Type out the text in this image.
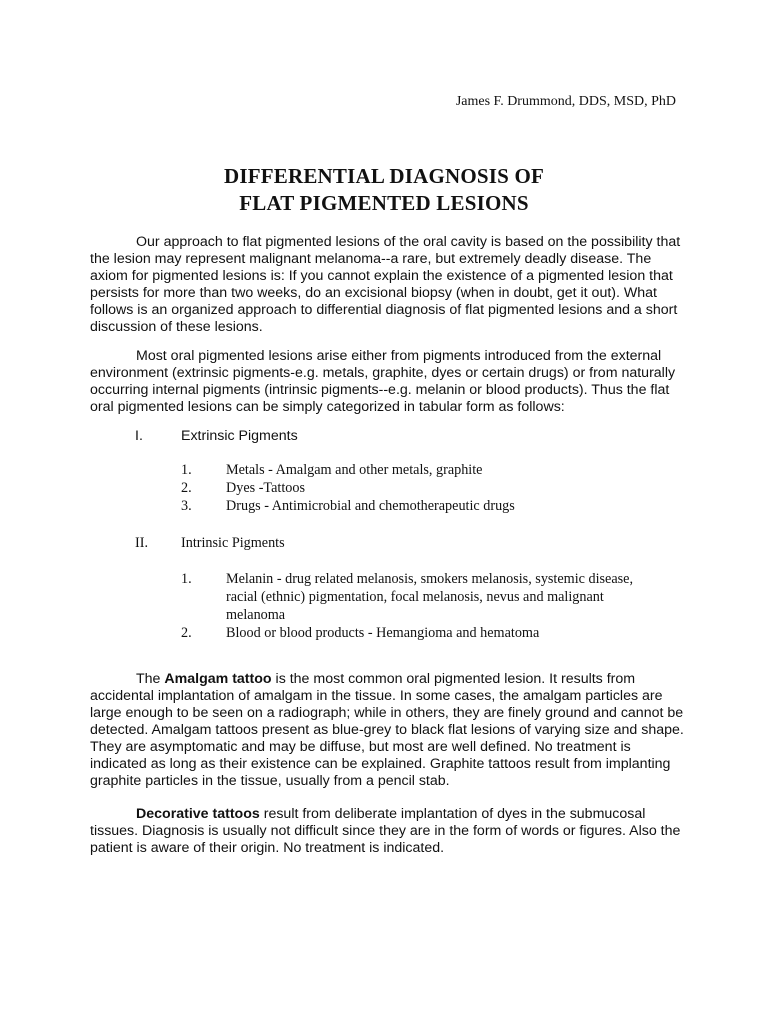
James F. Drummond, DDS, MSD, PhD
DIFFERENTIAL DIAGNOSIS OF
FLAT PIGMENTED LESIONS
Our approach to flat pigmented lesions of the oral cavity is based on the possibility that the lesion may represent malignant melanoma--a rare, but extremely deadly disease. The axiom for pigmented lesions is: If you cannot explain the existence of a pigmented lesion that persists for more than two weeks, do an excisional biopsy (when in doubt, get it out). What follows is an organized approach to differential diagnosis of flat pigmented lesions and a short discussion of these lesions.
Most oral pigmented lesions arise either from pigments introduced from the external environment (extrinsic pigments-e.g. metals, graphite, dyes or certain drugs) or from naturally occurring internal pigments (intrinsic pigments--e.g. melanin or blood products). Thus the flat oral pigmented lesions can be simply categorized in tabular form as follows:
I.	Extrinsic Pigments
1. Metals - Amalgam and other metals, graphite
2. Dyes -Tattoos
3. Drugs - Antimicrobial and chemotherapeutic drugs
II. Intrinsic Pigments
1. Melanin - drug related melanosis, smokers melanosis, systemic disease,
racial (ethnic) pigmentation, focal melanosis, nevus and malignant
melanoma
2. Blood or blood products - Hemangioma and hematoma
The Amalgam tattoo is the most common oral pigmented lesion. It results from accidental implantation of amalgam in the tissue. In some cases, the amalgam particles are large enough to be seen on a radiograph; while in others, they are finely ground and cannot be detected. Amalgam tattoos present as blue-grey to black flat lesions of varying size and shape. They are asymptomatic and may be diffuse, but most are well defined. No treatment is indicated as long as their existence can be explained. Graphite tattoos result from implanting graphite particles in the tissue, usually from a pencil stab.
Decorative tattoos result from deliberate implantation of dyes in the submucosal tissues. Diagnosis is usually not difficult since they are in the form of words or figures. Also the patient is aware of their origin. No treatment is indicated.
